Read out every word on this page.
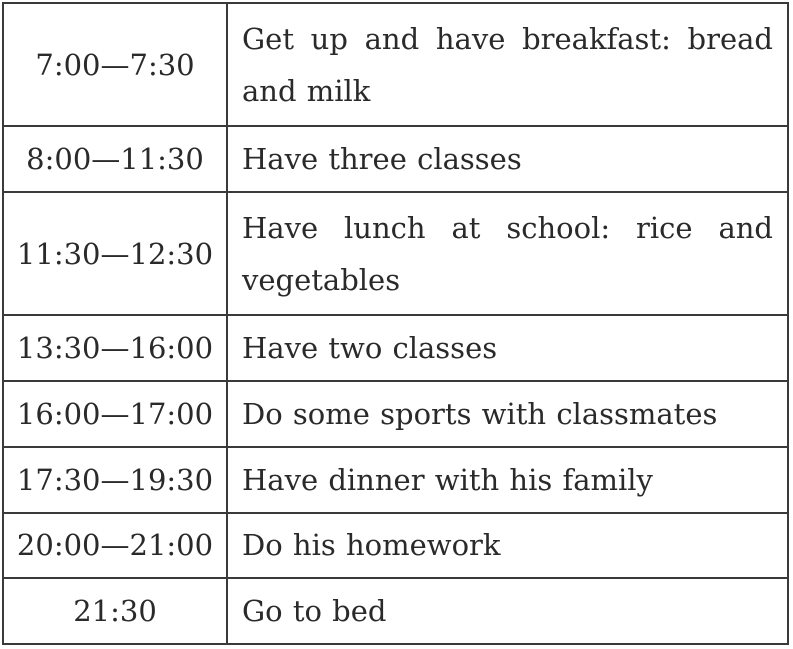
7:00—7:30	Get up and have breakfast: bread and milk
8:00—11:30	Have three classes
11:30—12:30	Have lunch at school: rice and vegetables
13:30—16:00	Have two classes
16:00—17:00	Do some sports with classmates
17:30—19:30	Have dinner with his family
20:00—21:00	Do his homework
21:30	Go to bed
